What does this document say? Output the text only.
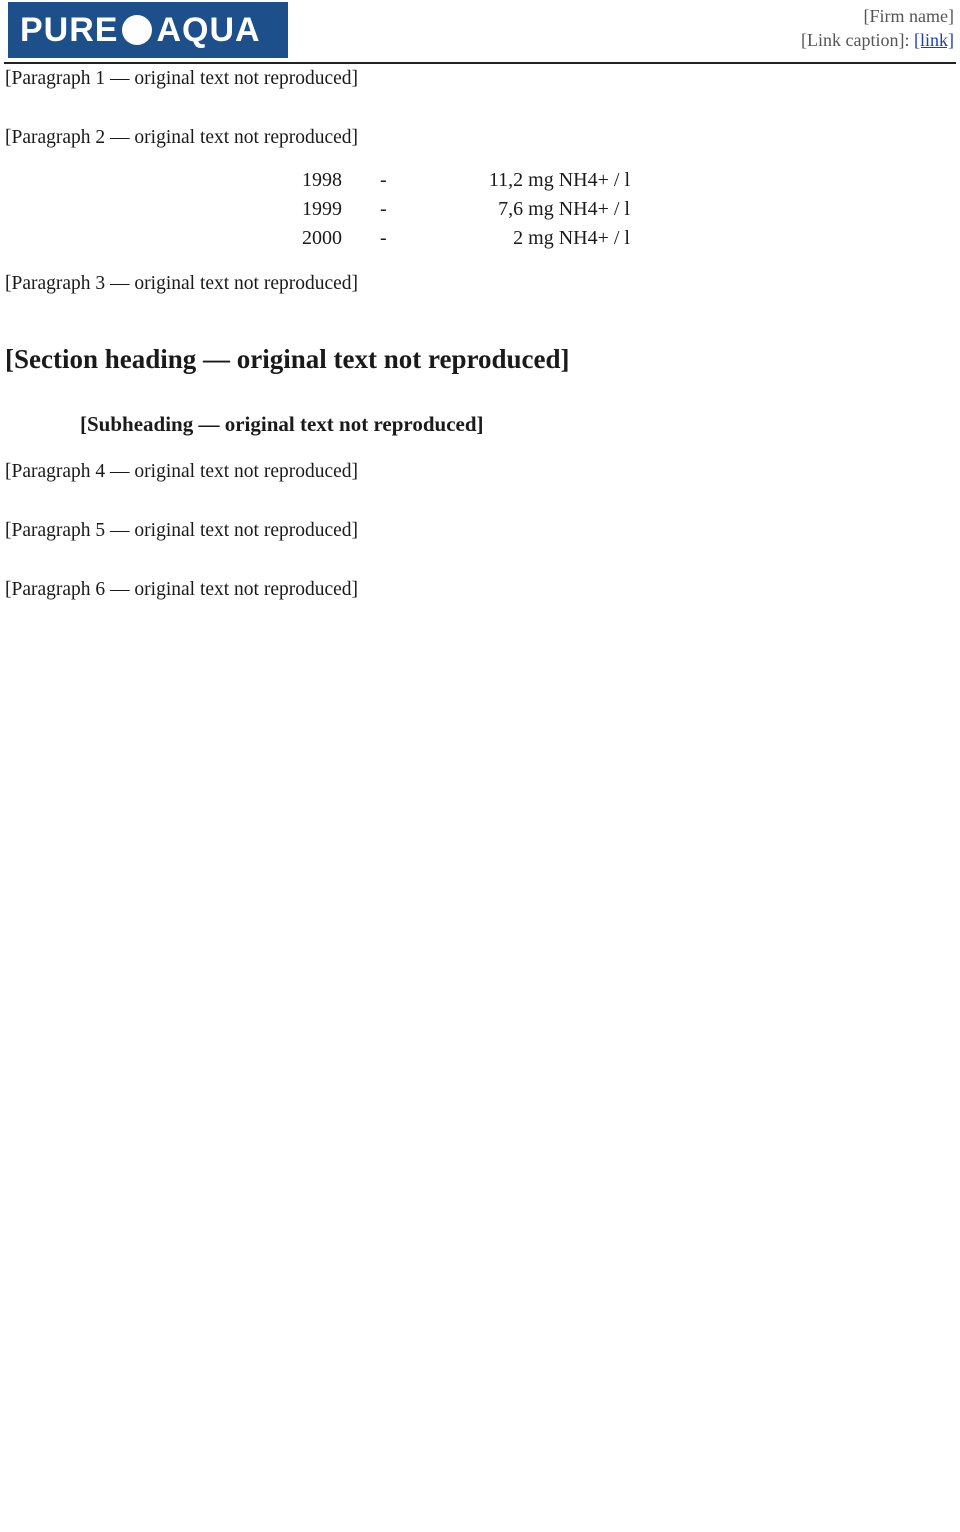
PURE AQUA	[Firm name]
[Link caption]: [link]

[Paragraph 1 — original text not reproduced]

[Paragraph 2 — original text not reproduced]

1998	-	11,2 mg NH4+ / l
1999	-	7,6 mg NH4+ / l
2000	-	2 mg NH4+ / l

[Paragraph 3 — original text not reproduced]

[Section heading — original text not reproduced]
[Subheading — original text not reproduced]

[Paragraph 4 — original text not reproduced]

[Paragraph 5 — original text not reproduced]

[Paragraph 6 — original text not reproduced]
